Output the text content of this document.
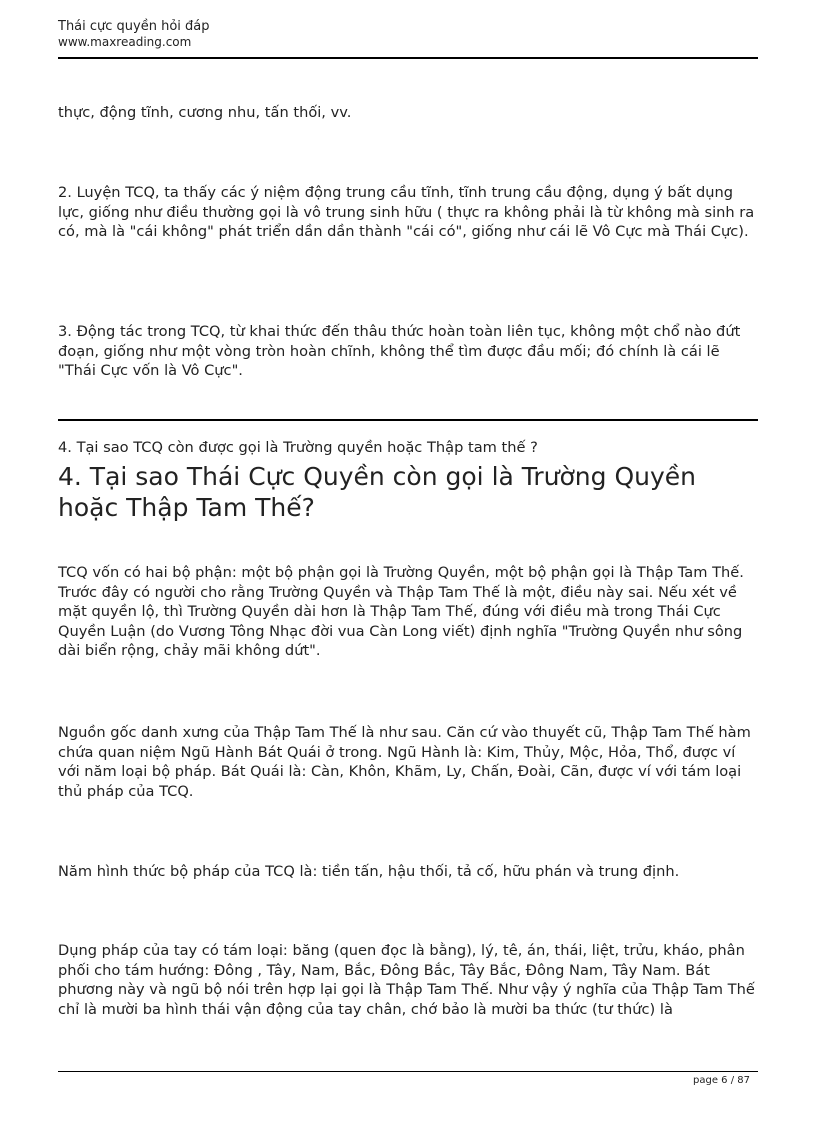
Thái cực quyền hỏi đáp
www.maxreading.com

thực, động tĩnh, cương nhu, tấn thối, vv.

2. Luyện TCQ, ta thấy các ý niệm động trung cầu tĩnh, tĩnh trung cầu động, dụng ý bất dụng lực, giống như điều thường gọi là vô trung sinh hữu ( thực ra không phải là từ không mà sinh ra có, mà là "cái không" phát triển dần dần thành "cái có", giống như cái lẽ Vô Cực mà Thái Cực).

3. Động tác trong TCQ, từ khai thức đến thâu thức hoàn toàn liên tục, không một chổ nào đứt đoạn, giống như một vòng tròn hoàn chĩnh, không thể tìm được đầu mối; đó chính là cái lẽ "Thái Cực vốn là Vô Cực".

4. Tại sao TCQ còn được gọi là Trường quyền hoặc Thập tam thế ?

4. Tại sao Thái Cực Quyền còn gọi là Trường Quyền hoặc Thập Tam Thế?

TCQ vốn có hai bộ phận: một bộ phận gọi là Trường Quyền, một bộ phận gọi là Thập Tam Thế. Trước đây có người cho rằng Trường Quyền và Thập Tam Thế là một, điều này sai. Nếu xét về mặt quyền lộ, thì Trường Quyền dài hơn là Thập Tam Thế, đúng với điều mà trong Thái Cực Quyền Luận (do Vương Tông Nhạc đời vua Càn Long viết) định nghĩa "Trường Quyền như sông dài biển rộng, chảy mãi không dứt".

Nguồn gốc danh xưng của Thập Tam Thế là như sau. Căn cứ vào thuyết cũ, Thập Tam Thế hàm chứa quan niệm Ngũ Hành Bát Quái ở trong. Ngũ Hành là: Kim, Thủy, Mộc, Hỏa, Thổ, được ví với năm loại bộ pháp. Bát Quái là: Càn, Khôn, Khãm, Ly, Chấn, Đoài, Cãn, được ví với tám loại thủ pháp của TCQ.

Năm hình thức bộ pháp của TCQ là: tiền tấn, hậu thối, tả cố, hữu phán và trung định.

Dụng pháp của tay có tám loại: băng (quen đọc là bằng), lý, tê, án, thái, liệt, trửu, kháo, phân phối cho tám hướng: Đông , Tây, Nam, Bắc, Đông Bắc, Tây Bắc, Đông Nam, Tây Nam. Bát phương này và ngũ bộ nói trên hợp lại gọi là Thập Tam Thế. Như vậy ý nghĩa của Thập Tam Thế chỉ là mười ba hình thái vận động của tay chân, chớ bảo là mười ba thức (tư thức) là

page 6 / 87
